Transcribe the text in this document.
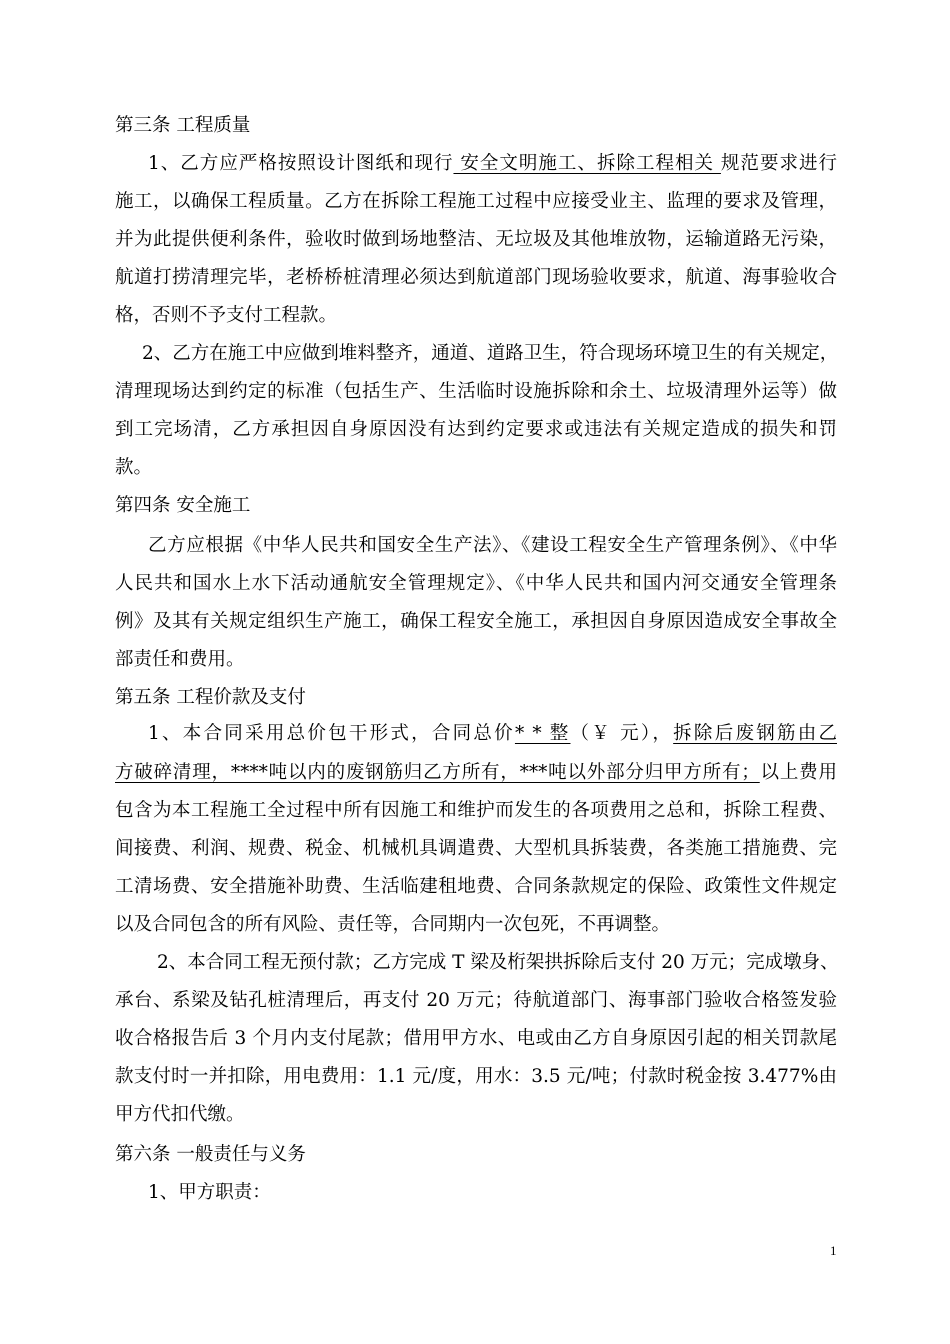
第三条 工程质量
1、乙方应严格按照设计图纸和现行 安全文明施工、拆除工程相关 规范要求进行
施工，以确保工程质量。乙方在拆除工程施工过程中应接受业主、监理的要求及管理，
并为此提供便利条件，验收时做到场地整洁、无垃圾及其他堆放物，运输道路无污染，
航道打捞清理完毕，老桥桥桩清理必须达到航道部门现场验收要求，航道、海事验收合
格，否则不予支付工程款。
2、乙方在施工中应做到堆料整齐，通道、道路卫生，符合现场环境卫生的有关规定，
清理现场达到约定的标准（包括生产、生活临时设施拆除和余土、垃圾清理外运等）做
到工完场清，乙方承担因自身原因没有达到约定要求或违法有关规定造成的损失和罚
款。
第四条 安全施工
乙方应根据《中华人民共和国安全生产法》、《建设工程安全生产管理条例》、《中华
人民共和国水上水下活动通航安全管理规定》、《中华人民共和国内河交通安全管理条
例》及其有关规定组织生产施工，确保工程安全施工，承担因自身原因造成安全事故全
部责任和费用。
第五条 工程价款及支付
1、本合同采用总价包干形式，合同总价* * 整（￥ 元），拆除后废钢筋由乙
方破碎清理，****吨以内的废钢筋归乙方所有，***吨以外部分归甲方所有；以上费用
包含为本工程施工全过程中所有因施工和维护而发生的各项费用之总和，拆除工程费、
间接费、利润、规费、税金、机械机具调遣费、大型机具拆装费，各类施工措施费、完
工清场费、安全措施补助费、生活临建租地费、合同条款规定的保险、政策性文件规定
以及合同包含的所有风险、责任等，合同期内一次包死，不再调整。
2、本合同工程无预付款；乙方完成 T 梁及桁架拱拆除后支付 20 万元；完成墩身、
承台、系梁及钻孔桩清理后，再支付 20 万元；待航道部门、海事部门验收合格签发验
收合格报告后 3 个月内支付尾款；借用甲方水、电或由乙方自身原因引起的相关罚款尾
款支付时一并扣除，用电费用：1.1 元/度，用水：3.5 元/吨；付款时税金按 3.477%由
甲方代扣代缴。
第六条 一般责任与义务
1、甲方职责：
1
